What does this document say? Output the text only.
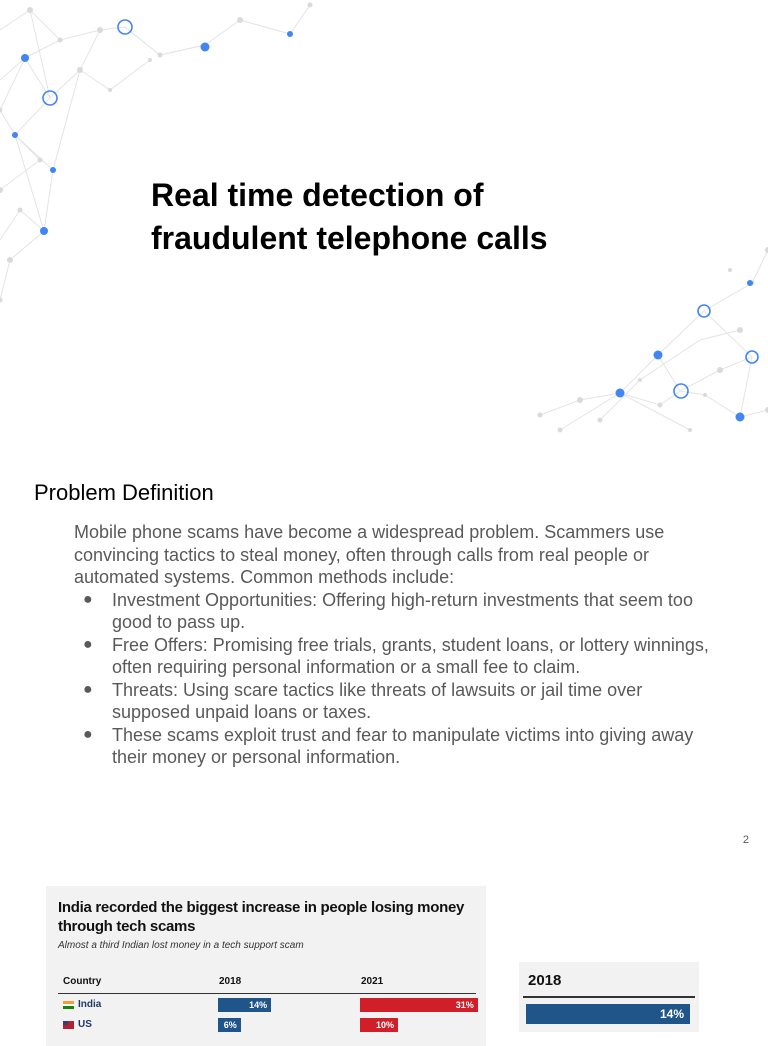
Real time detection of
fraudulent telephone calls
Problem Definition

Mobile phone scams have become a widespread problem. Scammers use convincing tactics to steal money, often through calls from real people or automated systems. Common methods include:

● Investment Opportunities: Offering high-return investments that seem too good to pass up.
● Free Offers: Promising free trials, grants, student loans, or lottery winnings, often requiring personal information or a small fee to claim.
● Threats: Using scare tactics like threats of lawsuits or jail time over supposed unpaid loans or taxes.
● These scams exploit trust and fear to manipulate victims into giving away their money or personal information.
2
India recorded the biggest increase in people losing money through tech scams
Almost a third Indian lost money in a tech support scam
Country	2018	2021
India	14%	31%
US	6%	10%
2018
14%
